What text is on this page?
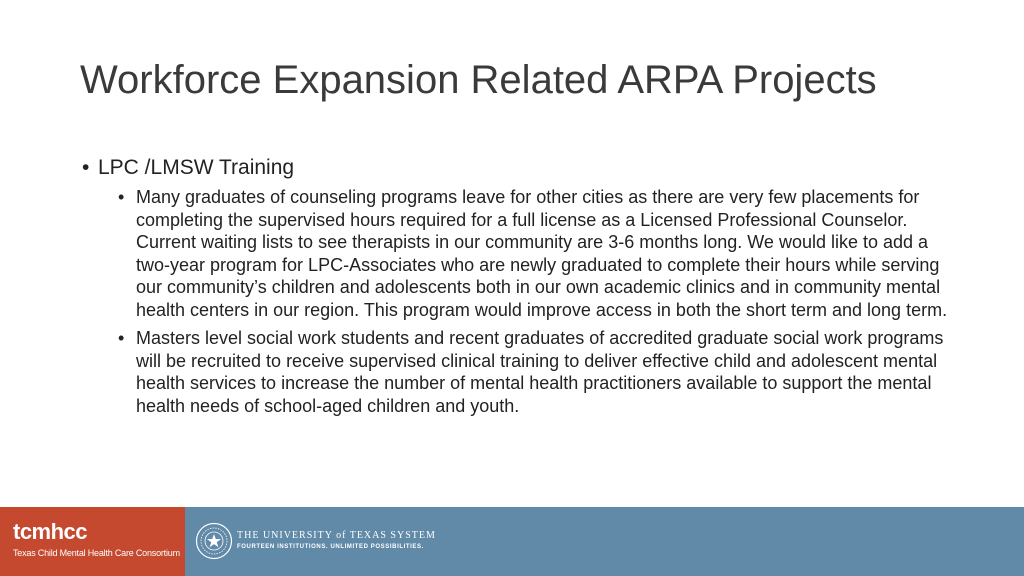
Workforce Expansion Related ARPA Projects
• LPC /LMSW Training
• Many graduates of counseling programs leave for other cities as there are very few placements for completing the supervised hours required for a full license as a Licensed Professional Counselor. Current waiting lists to see therapists in our community are 3-6 months long. We would like to add a two-year program for LPC-Associates who are newly graduated to complete their hours while serving our community’s children and adolescents both in our own academic clinics and in community mental health centers in our region. This program would improve access in both the short term and long term.
• Masters level social work students and recent graduates of accredited graduate social work programs will be recruited to receive supervised clinical training to deliver effective child and adolescent mental health services to increase the number of mental health practitioners available to support the mental health needs of school-aged children and youth.
tcmhcc
Texas Child Mental Health Care Consortium
THE UNIVERSITY of TEXAS SYSTEM
FOURTEEN INSTITUTIONS. UNLIMITED POSSIBILITIES.
